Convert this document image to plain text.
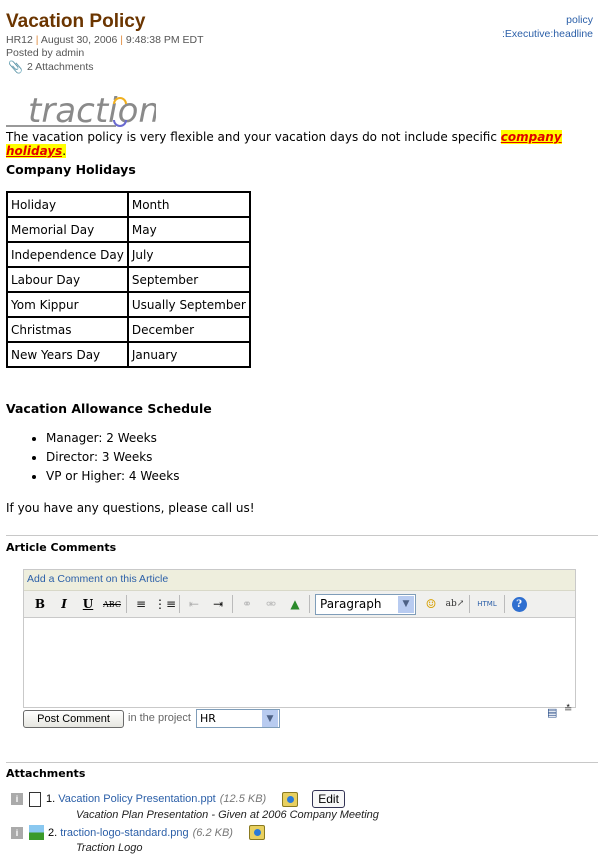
Vacation Policy
HR12 | August 30, 2006 | 9:48:38 PM EDT
Posted by admin
📎 2 Attachments
policy
:Executive:headline
traction
The vacation policy is very flexible and your vacation days do not include specific company holidays.
Company Holidays
Holiday	Month
Memorial Day	May
Independence Day	July
Labour Day	September
Yom Kippur	Usually September
Christmas	December
New Years Day	January
Vacation Allowance Schedule
• Manager: 2 Weeks
• Director: 3 Weeks
• VP or Higher: 4 Weeks
If you have any questions, please call us!
Article Comments
Add a Comment on this Article
B	I	U	ABC	≡ ⋮≡	⇤	⇥	⚭	⚮	▲	Paragraph	▼	☺	ab↗	HTML	?
Post Comment	in the project HR	▼	▤ ≛
Attachments
i	1. Vacation Policy Presentation.ppt (12.5 KB)	Edit
Vacation Plan Presentation - Given at 2006 Company Meeting
i	2. traction-logo-standard.png (6.2 KB)
Traction Logo
